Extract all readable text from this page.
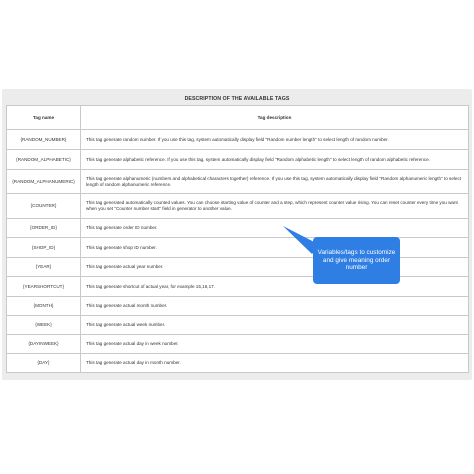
DESCRIPTION OF THE AVAILABLE TAGS
Tag name	Tag description
{RANDOM_NUMBER}	This tag generate random number. If you use this tag, system automatically display field "Random number length" to select length of random number.
{RANDOM_ALPHABETIC}	This tag generate alphabetic reference. If you use this tag, system automatically display field "Random alphabetic length" to select length of random alphabetic reference.
{RANDOM_ALPHANUMERIC}	This tag generate alphanumeric (numbers and alphabetical characters together) reference. If you use this tag, system automatically display field "Random alphanumeric length" to select length of random alphanumeric reference.
{COUNTER}	This tag generated automatically counted values. You can choose starting value of counter and a step, which represent counter value rising. You can reset counter every time you want when you set "Counter number start" field in generator to another value.
{ORDER_ID}	This tag generate order ID number.
{SHOP_ID}	This tag generate shop ID number.
{YEAR}	This tag generate actual year number.
{YEARSHORTCUT}	This tag generate shortcut of actual year, for example 15,16,17.
{MONTH}	This tag generate actual month number.
{WEEK}	This tag generate actual week number.
{DAYINWEEK}	This tag generate actual day in week number.
{DAY}	This tag generate actual day in month number.
Variables/tags to customize and give meaning order number
